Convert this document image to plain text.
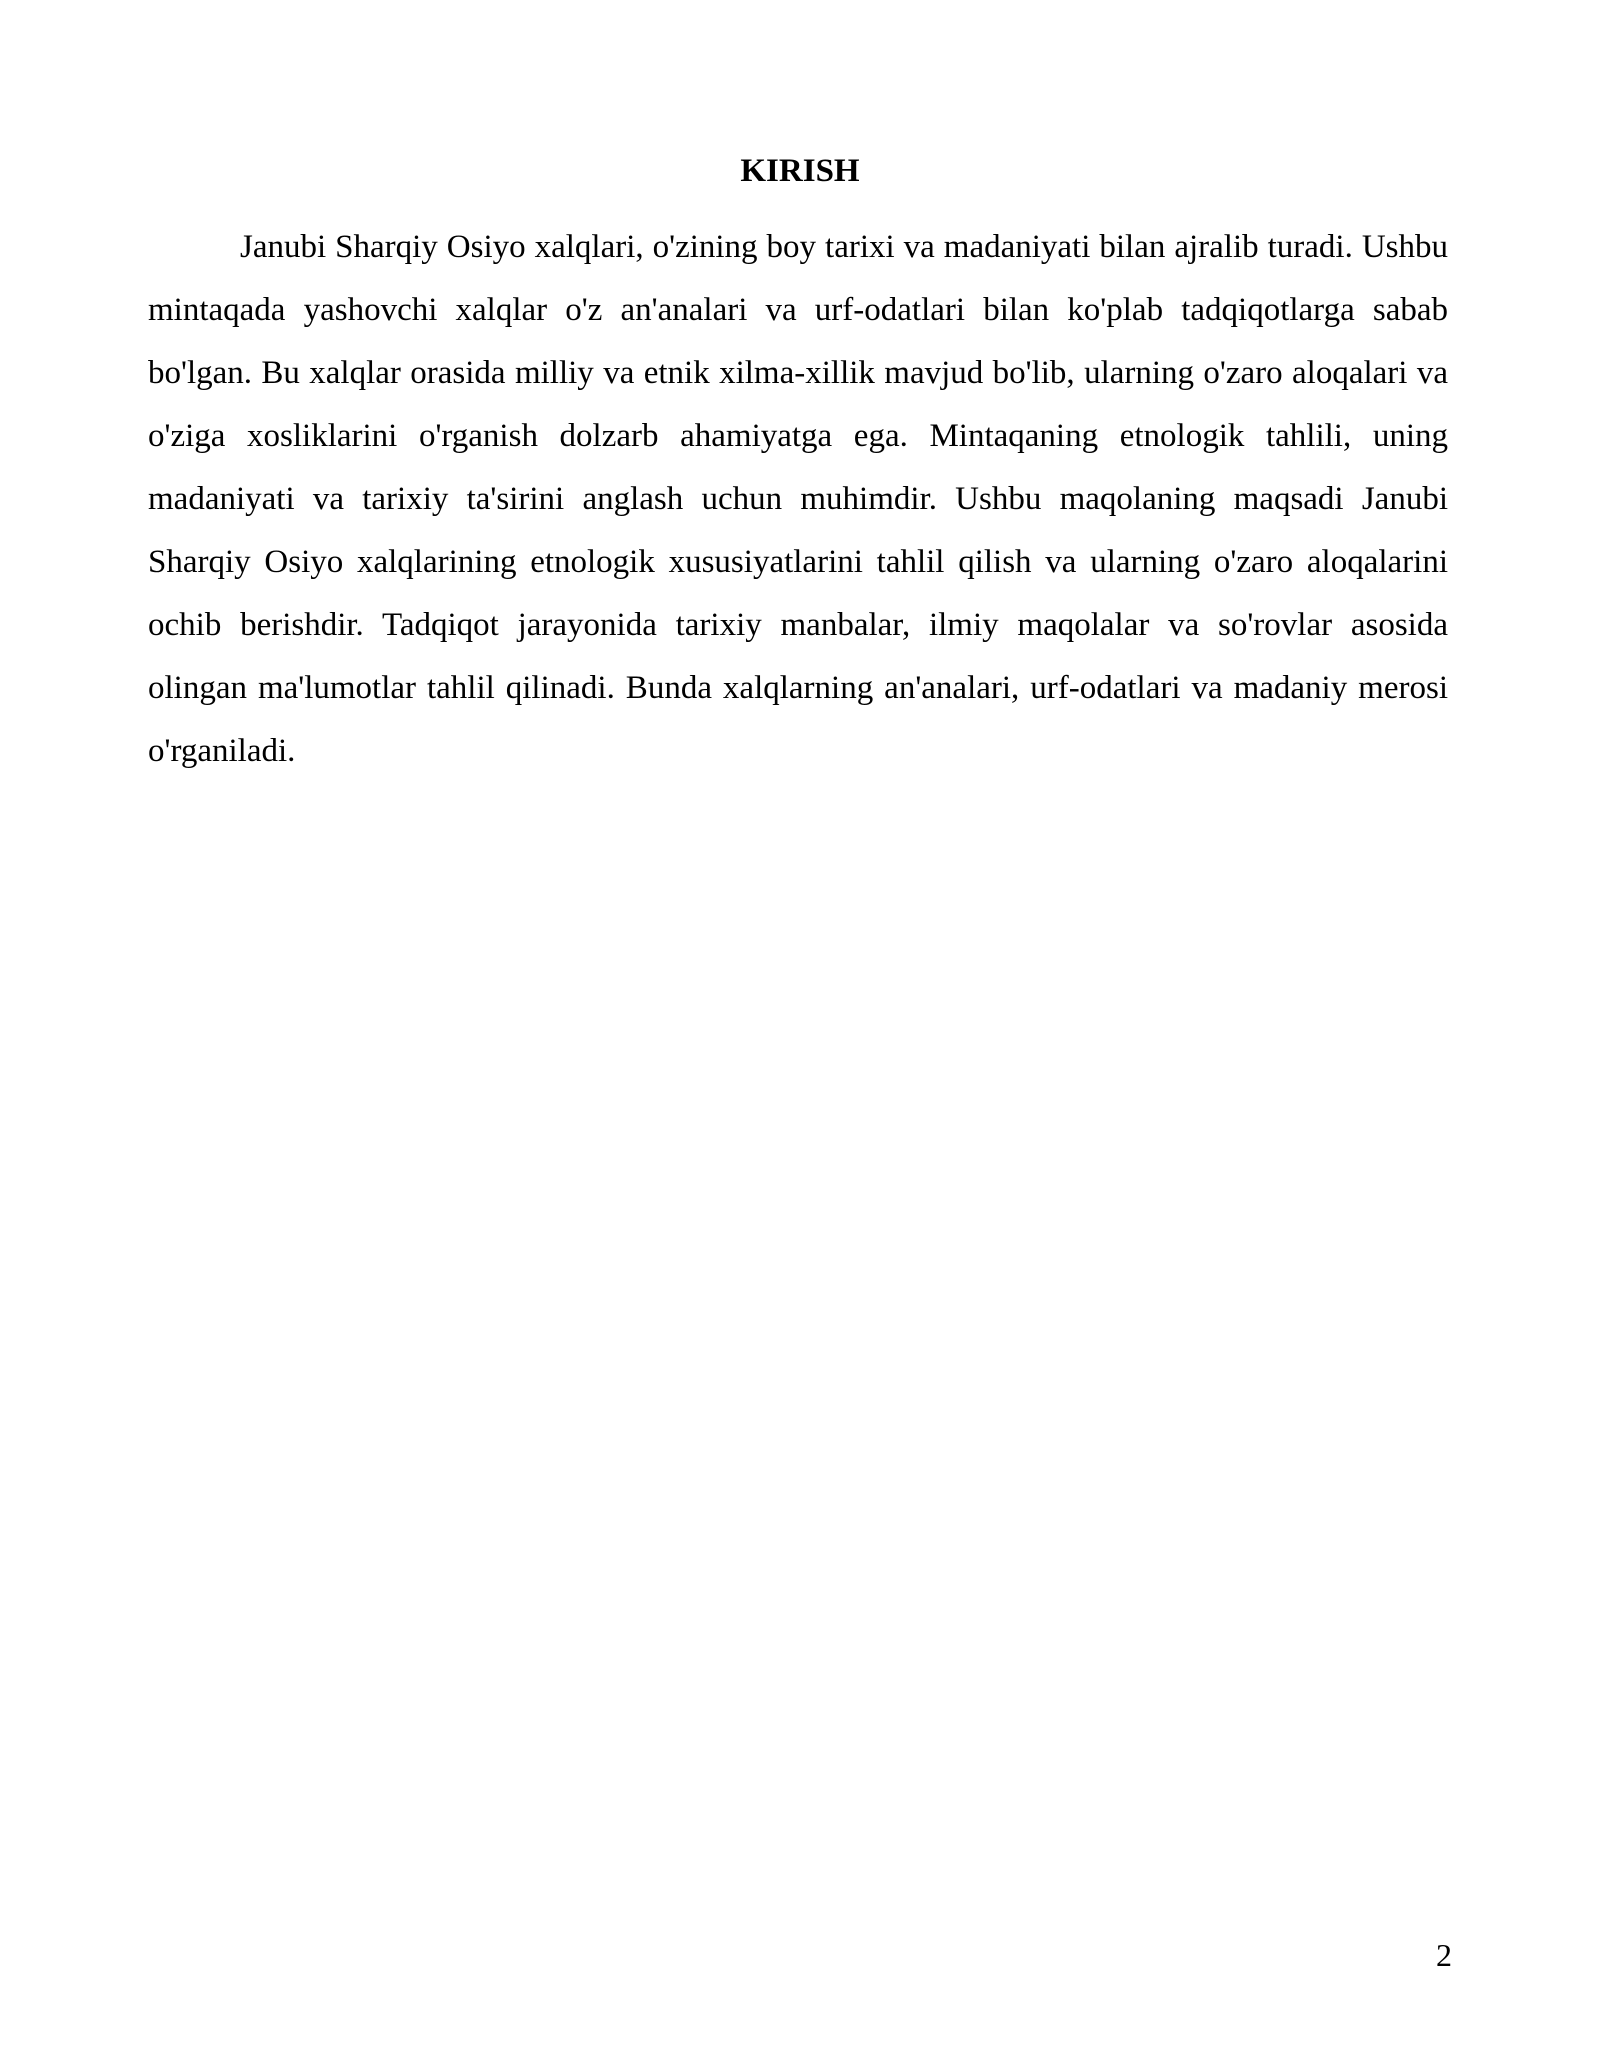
KIRISH

Janubi Sharqiy Osiyo xalqlari, o'zining boy tarixi va madaniyati bilan ajralib turadi. Ushbu mintaqada yashovchi xalqlar o'z an'analari va urf-odatlari bilan ko'plab tadqiqotlarga sabab bo'lgan. Bu xalqlar orasida milliy va etnik xilma-xillik mavjud bo'lib, ularning o'zaro aloqalari va o'ziga xosliklarini o'rganish dolzarb ahamiyatga ega. Mintaqaning etnologik tahlili, uning madaniyati va tarixiy ta'sirini anglash uchun muhimdir. Ushbu maqolaning maqsadi Janubi Sharqiy Osiyo xalqlarining etnologik xususiyatlarini tahlil qilish va ularning o'zaro aloqalarini ochib berishdir. Tadqiqot jarayonida tarixiy manbalar, ilmiy maqolalar va so'rovlar asosida olingan ma'lumotlar tahlil qilinadi. Bunda xalqlarning an'analari, urf-odatlari va madaniy merosi o'rganiladi.

2
